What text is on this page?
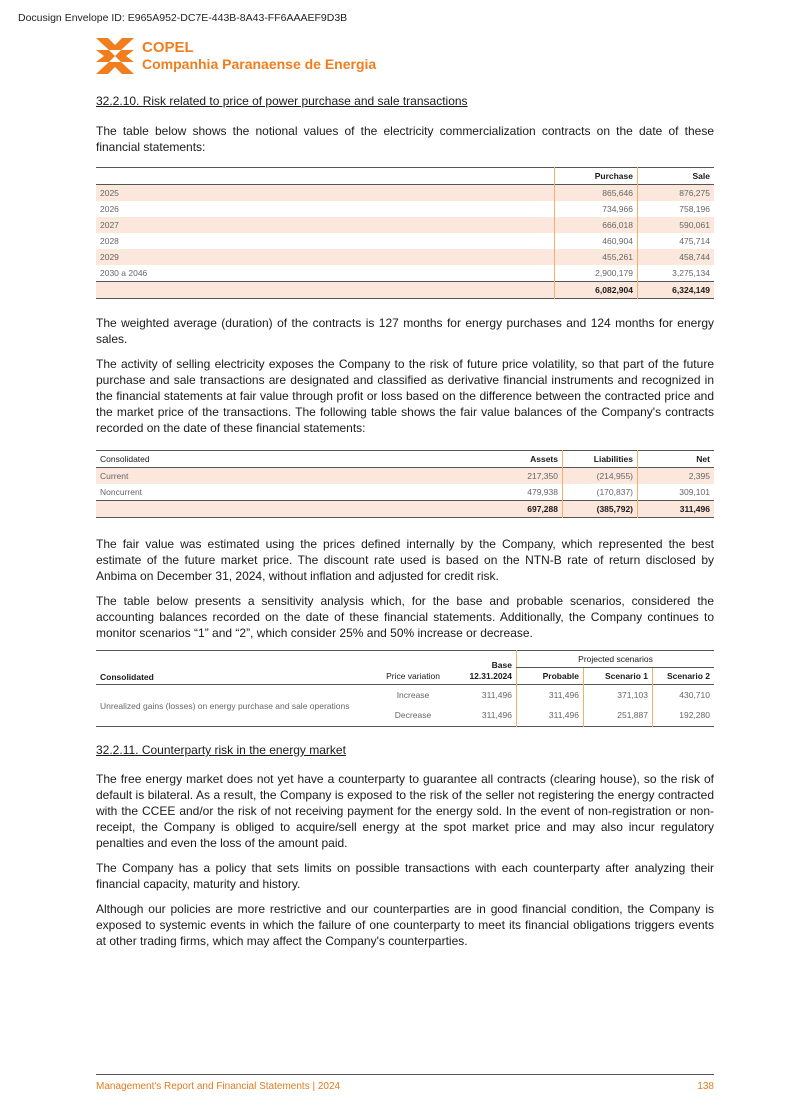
Docusign Envelope ID: E965A952-DC7E-443B-8A43-FF6AAAEF9D3B
COPEL
Companhia Paranaense de Energia
32.2.10. Risk related to price of power purchase and sale transactions

The table below shows the notional values of the electricity commercialization contracts on the date of these financial statements:

	Purchase	Sale
2025	865,646	876,275
2026	734,966	758,196
2027	666,018	590,061
2028	460,904	475,714
2029	455,261	458,744
2030 a 2046	2,900,179	3,275,134
	6,082,904	6,324,149

The weighted average (duration) of the contracts is 127 months for energy purchases and 124 months for energy sales.

The activity of selling electricity exposes the Company to the risk of future price volatility, so that part of the future purchase and sale transactions are designated and classified as derivative financial instruments and recognized in the financial statements at fair value through profit or loss based on the difference between the contracted price and the market price of the transactions. The following table shows the fair value balances of the Company's contracts recorded on the date of these financial statements:

Consolidated	Assets	Liabilities	Net
Current	217,350	(214,955)	2,395
Noncurrent	479,938	(170,837)	309,101
	697,288	(385,792)	311,496

The fair value was estimated using the prices defined internally by the Company, which represented the best estimate of the future market price. The discount rate used is based on the NTN-B rate of return disclosed by Anbima on December 31, 2024, without inflation and adjusted for credit risk.

The table below presents a sensitivity analysis which, for the base and probable scenarios, considered the accounting balances recorded on the date of these financial statements. Additionally, the Company continues to monitor scenarios “1” and “2”, which consider 25% and 50% increase or decrease.

Consolidated	Price variation	Base 12.31.2024	Projected scenarios		
			Probable	Scenario 1	Scenario 2
Unrealized gains (losses) on energy purchase and sale operations	Increase	311,496	311,496	371,103	430,710
	Decrease	311,496	311,496	251,887	192,280
32.2.11. Counterparty risk in the energy market

The free energy market does not yet have a counterparty to guarantee all contracts (clearing house), so the risk of default is bilateral. As a result, the Company is exposed to the risk of the seller not registering the energy contracted with the CCEE and/or the risk of not receiving payment for the energy sold. In the event of non-registration or non-receipt, the Company is obliged to acquire/sell energy at the spot market price and may also incur regulatory penalties and even the loss of the amount paid.

The Company has a policy that sets limits on possible transactions with each counterparty after analyzing their financial capacity, maturity and history.

Although our policies are more restrictive and our counterparties are in good financial condition, the Company is exposed to systemic events in which the failure of one counterparty to meet its financial obligations triggers events at other trading firms, which may affect the Company's counterparties.

Management's Report and Financial Statements | 2024	138
